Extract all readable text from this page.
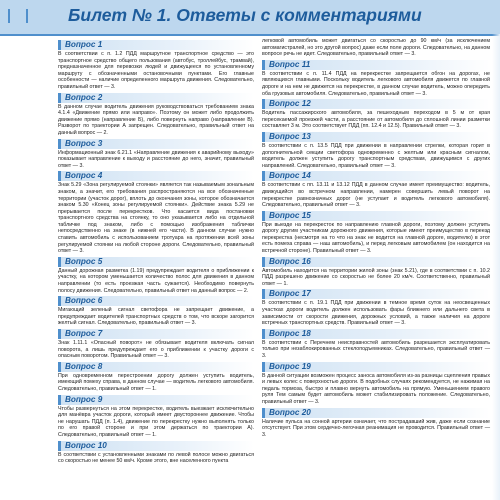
Билет № 1. Ответы с комментариями
Вопрос 1

В соответствии с п. 1.2 ПДД маршрутное транспортное средство — это транспортное средство общего пользования (автобус, троллейбус, трамвай), предназначенное для перевозки людей и движущееся по установленному маршруту с обозначенными остановочными пунктами. Его главные особенности — наличие определенного маршрута движения. Следовательно, правильный ответ — 3.

Вопрос 2

В данном случае водитель движения руководствоваться требованием знака 4.1.4 «Движение прямо или направо». Поэтому он может либо продолжить движение прямо (направление Б), либо повернуть направо (направление В). Разворот по траектории А запрещен. Следовательно, правильный ответ на данный вопрос — 2.

Вопрос 3

Информационный знак 6.21.1 «Направление движения к аварийному выходу» показывает направление к выходу и расстояние до него, значит, правильный ответ — 3.

Вопрос 4

Знак 5.29 «Зона регулируемой стоянки» является так называемым зональным знаком, а значит, его требования распространяются на все обозначенные территории (участок дорог), вплоть до окончания зоны, которое обозначается знаком 5.30 «Конец зоны регулируемой стоянки». Действие знака 5.29 не прерывается после перекрестков. Что касается вида постановки транспортного средства на стоянку, то оно указывается либо на отдельной табличке под знаком, либо с помощью изображения таблички непосредственно на знаке (в нижней его части). В данном случае нужно ставить автомобиль с использованием тротуара на протяжении всей зоны регулируемой стоянки на любой стороне дороги. Следовательно, правильный ответ — 3.

Вопрос 5

Данный дорожная разметка (1.19) предупреждает водителя о приближении к участку, на котором уменьшается количество полос для движения в данном направлении (то есть проезжая часть сужается). Необходимо повернуть полосу движения. Следовательно, правильный ответ на данный вопрос — 2.

Вопрос 6

Мигающий зеленый сигнал светофора не запрещает движение, а предупреждает водителей транспортных средств о том, что вскоре загорится желтый сигнал. Следовательно, правильный ответ — 3.

Вопрос 7

Знак 1.11.1 «Опасный поворот» не обязывает водителя включать сигнал поворота, а лишь предупреждает его о приближении к участку дороги с опасным поворотом. Правильный ответ — 3.

Вопрос 8

При одновременном перестроении дорогу должен уступить водитель, имеющий помеху справа, в данном случае — водитель легкового автомобиля. Следовательно, правильный ответ — 1.

Вопрос 9

Чтобы развернуться на этом перекрестке, водитель выезжает исключительно для манёвра участок дороги, который имеет двустороннее движение. Чтобы не нарушать ПДД (п. 1.4), движение по перекрестку нужно выполнять только по его правой стороне и при этом держаться по траектории А). Следовательно, правильный ответ — 1.

Вопрос 10

В соответствии с установленными знаками по левой полосе можно двигаться со скоростью не менее 50 км/ч. Кроме этого, вне населенного пункта

легковой автомобиль может двигаться со скоростью до 90 км/ч (за исключением автомагистралей, но это другой вопрос) даже если поле дороги. Следовательно, на данном вопросе речь не идет. Следовательно, правильный ответ — 3.

Вопрос 11

В соответствии с п. 11.4 ПДД на перекрестке запрещается обгон на дорогах, не являющихся главными. Поскольку водитель легкового автомобиля движется по главной дороге и на нем не движется на перекрестке, в данном случае водитель, можно опередить оба грузовых автомобиля. Следовательно, правильный ответ — 3.

Вопрос 12

Водитель пассажирского автомобиля, за пешеходным переходом в 5 м от края пересекаемой проезжей части, а расстояние от автомобиля до сплошной линии разметки составляет 3 м. Это соответствует ПДД (пп. 12.4 и 12.5). Правильный ответ — 3.

Вопрос 13

В соответствии с п. 13.5 ПДД при движении в направлении стрелки, которая горит в дополнительной секции светофора одновременно с желтым или красным сигналом, водитель должен уступить дорогу транспортным средствам, движущимся с других направлений. Следовательно, правильный ответ — 3.

Вопрос 14

В соответствии с пп. 13.11 и 13.12 ПДД в данном случае имеет преимущество: водитель, движущийся во встречном направлении, намерен совершить левый поворот на перекрестке равнозначных дорог (не уступает и водитель легкового автомобиля). Следовательно, правильный ответ — 3.

Вопрос 15

При выезде на перекресток по направлению главной дороги, поэтому должен уступить дорогу другим участникам дорожного движения, которые имеют преимущество в переезд перекрестка (несмотря на то что на знак не водится на главной дороге, водителю) в этот есть помеха справа — наш автомобиль), и перед легковым автомобилем (он находится на встречной стороне). Правильный ответ — 3.

Вопрос 16

Автомобиль находится на территории жилой зоны (знак 5.21), где в соответствии с п. 10.2 ПДД разрешено движение со скоростью не более 20 км/ч. Соответственно, правильный ответ — 1.

Вопрос 17

В соответствии с п. 19.1 ПДД при движении в темное время суток на неосвещенных участках дороги водитель должен использовать фары ближнего или дальнего света в зависимости от скорости движения, дорожных условий, а также наличия на дороге встречных транспортных средств. Правильный ответ — 3.

Вопрос 18

В соответствии с Перечнем неисправностей автомобиль разрешается эксплуатировать только при незаблокированных стеклоподъемниках. Следовательно, правильный ответ — 3.

Вопрос 19

В данной ситуации возможен процесс заноса автомобиля из-за разницы сцепления правых и левых колес с поверхностью дороги. В подобных случаях рекомендуется, не нажимая на педаль тормоза, быстро и плавно вернуть автомобиль на прямую. Уменьшением правого руля Тем самым будет автомобиль может стабилизировать положение. Следовательно, правильный ответ — 3.

Вопрос 20

Наличие пульса на сонной артерии означает, что пострадавший жив, даже если сознание отсутствует. При этом сердечно-легочная реанимация не проводится. Правильный ответ — 3.
